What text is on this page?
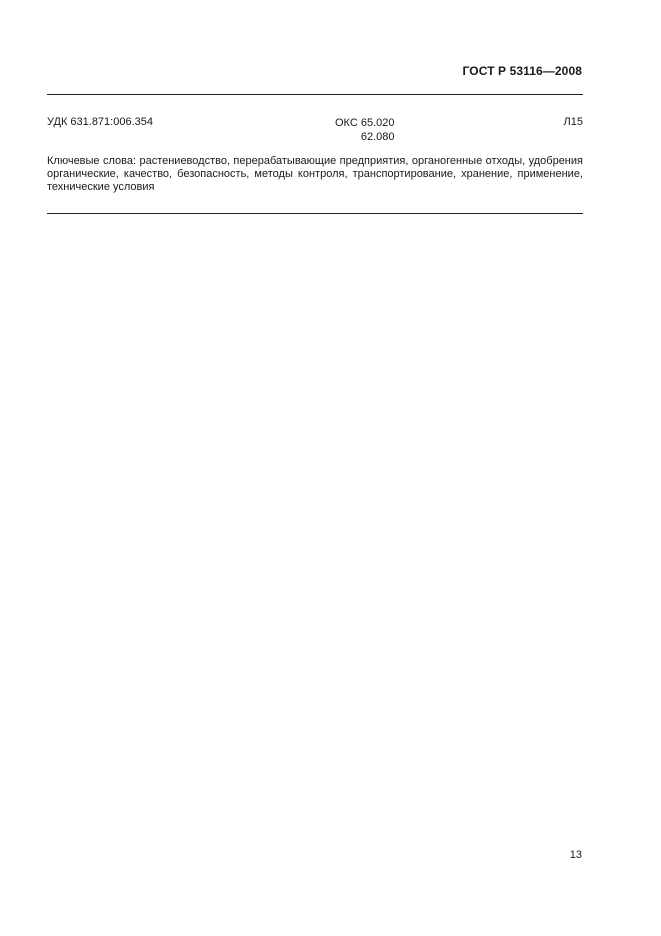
ГОСТ Р 53116—2008
УДК 631.871:006.354	ОКС 65.020
62.080
Л15
Ключевые слова: растениеводство, перерабатывающие предприятия, органогенные отходы, удобрения органические, качество, безопасность, методы контроля, транспортирование, хранение, применение, технические условия
13
